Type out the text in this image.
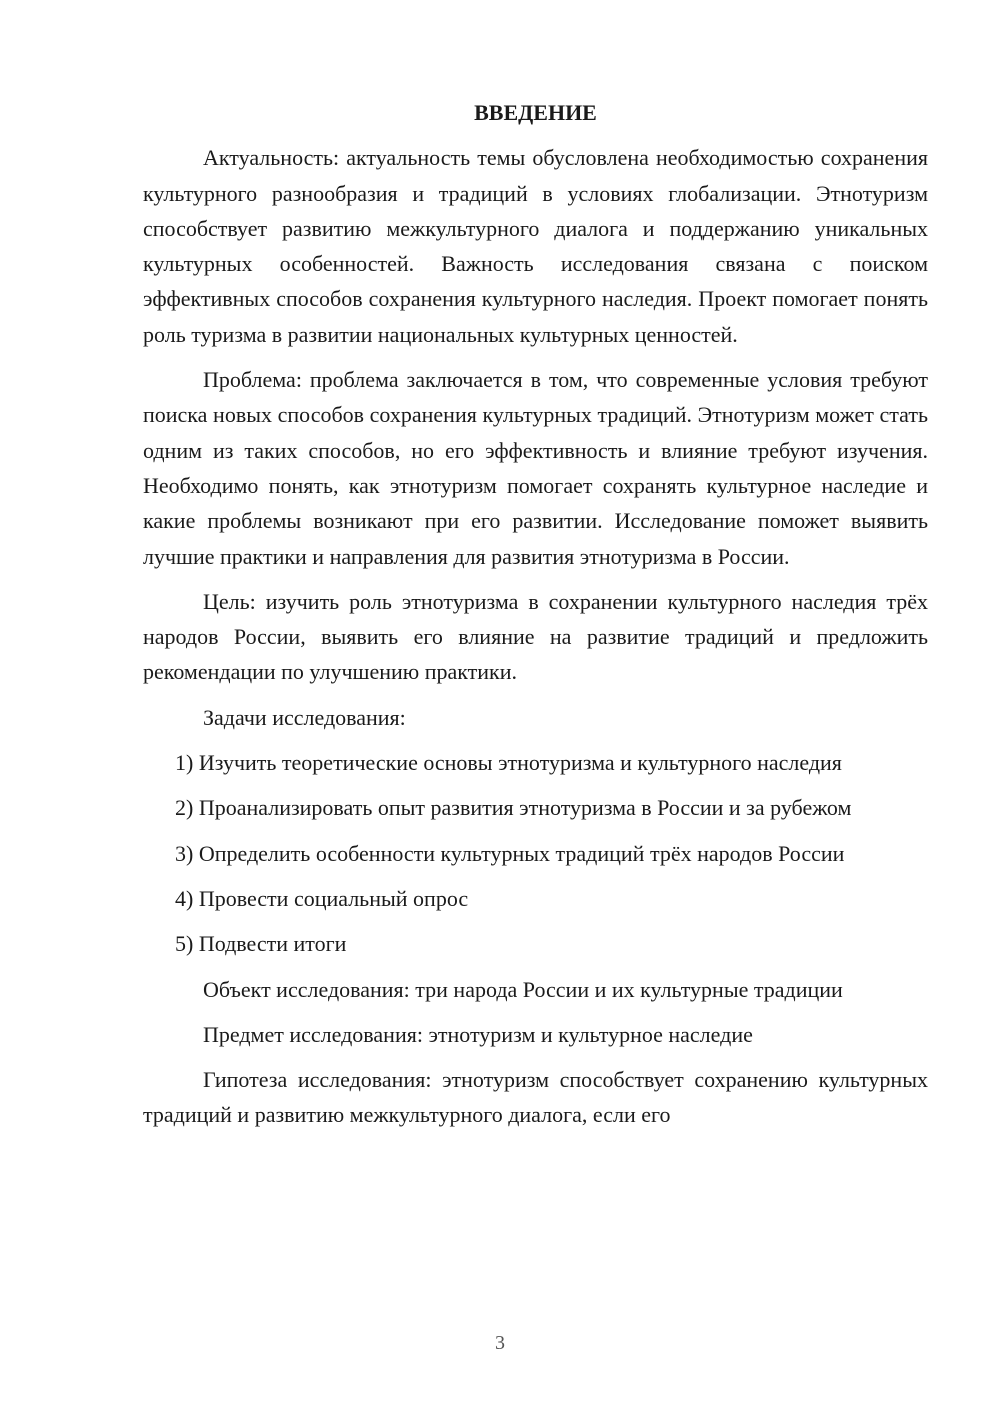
ВВЕДЕНИЕ

Актуальность: актуальность темы обусловлена необходимостью сохранения культурного разнообразия и традиций в условиях глобализации. Этнотуризм способствует развитию межкультурного диалога и поддержанию уникальных культурных особенностей. Важность исследования связана с поиском эффективных способов сохранения культурного наследия. Проект помогает понять роль туризма в развитии национальных культурных ценностей.

Проблема: проблема заключается в том, что современные условия требуют поиска новых способов сохранения культурных традиций. Этнотуризм может стать одним из таких способов, но его эффективность и влияние требуют изучения. Необходимо понять, как этнотуризм помогает сохранять культурное наследие и какие проблемы возникают при его развитии. Исследование поможет выявить лучшие практики и направления для развития этнотуризма в России.

Цель: изучить роль этнотуризма в сохранении культурного наследия трёх народов России, выявить его влияние на развитие традиций и предложить рекомендации по улучшению практики.

Задачи исследования:

1) Изучить теоретические основы этнотуризма и культурного наследия

2) Проанализировать опыт развития этнотуризма в России и за рубежом

3) Определить особенности культурных традиций трёх народов России

4) Провести социальный опрос

5) Подвести итоги

Объект исследования: три народа России и их культурные традиции

Предмет исследования: этнотуризм и культурное наследие

Гипотеза исследования: этнотуризм способствует сохранению культурных традиций и развитию межкультурного диалога, если его

3
